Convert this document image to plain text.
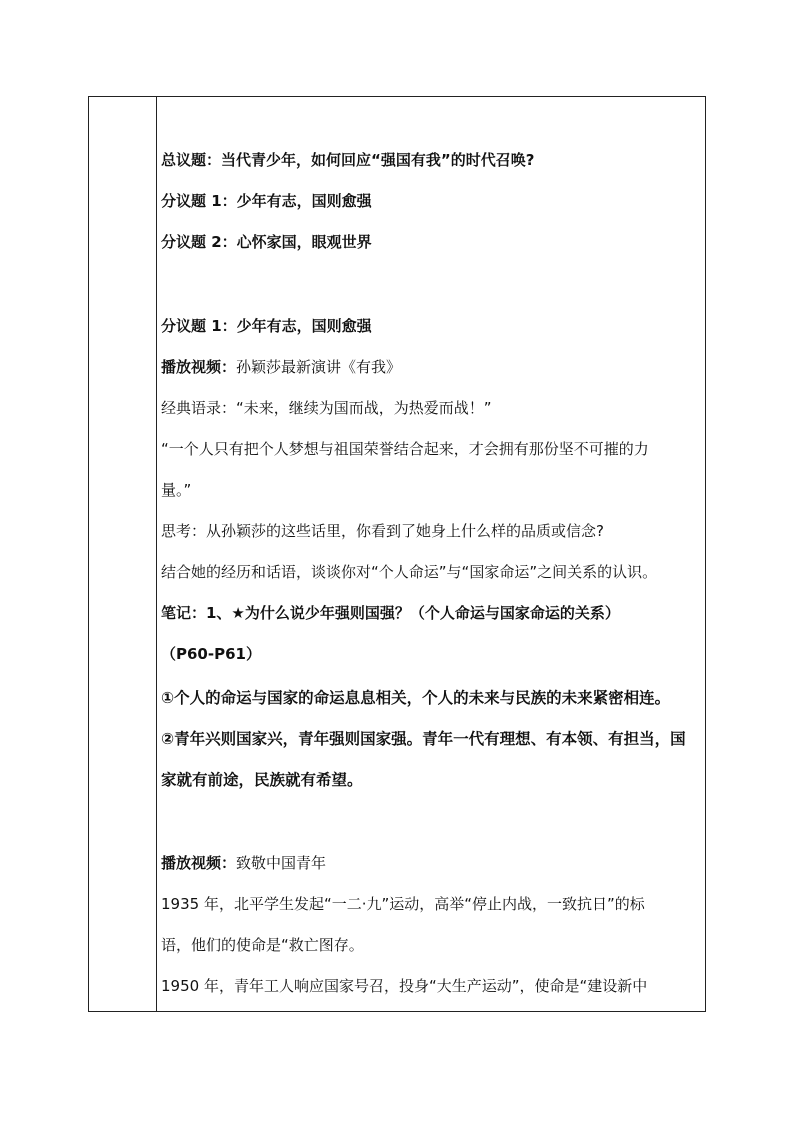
总议题：当代青少年，如何回应“强国有我”的时代召唤?
分议题 1：少年有志，国则愈强
分议题 2：心怀家国，眼观世界
分议题 1：少年有志，国则愈强
播放视频：孙颖莎最新演讲《有我》
经典语录：“未来，继续为国而战，为热爱而战！”
“一个人只有把个人梦想与祖国荣誉结合起来，才会拥有那份坚不可摧的力
量。”
思考：从孙颖莎的这些话里，你看到了她身上什么样的品质或信念?
结合她的经历和话语，谈谈你对“个人命运”与“国家命运”之间关系的认识。
笔记：1、★为什么说少年强则国强？（个人命运与国家命运的关系）
（P60-P61）
①个人的命运与国家的命运息息相关，个人的未来与民族的未来紧密相连。
②青年兴则国家兴，青年强则国家强。青年一代有理想、有本领、有担当，国
家就有前途，民族就有希望。
播放视频：致敬中国青年
1935 年，北平学生发起“一二·九”运动，高举“停止内战，一致抗日”的标
语，他们的使命是“救亡图存。
1950 年，青年工人响应国家号召，投身“大生产运动”，使命是“建设新中
